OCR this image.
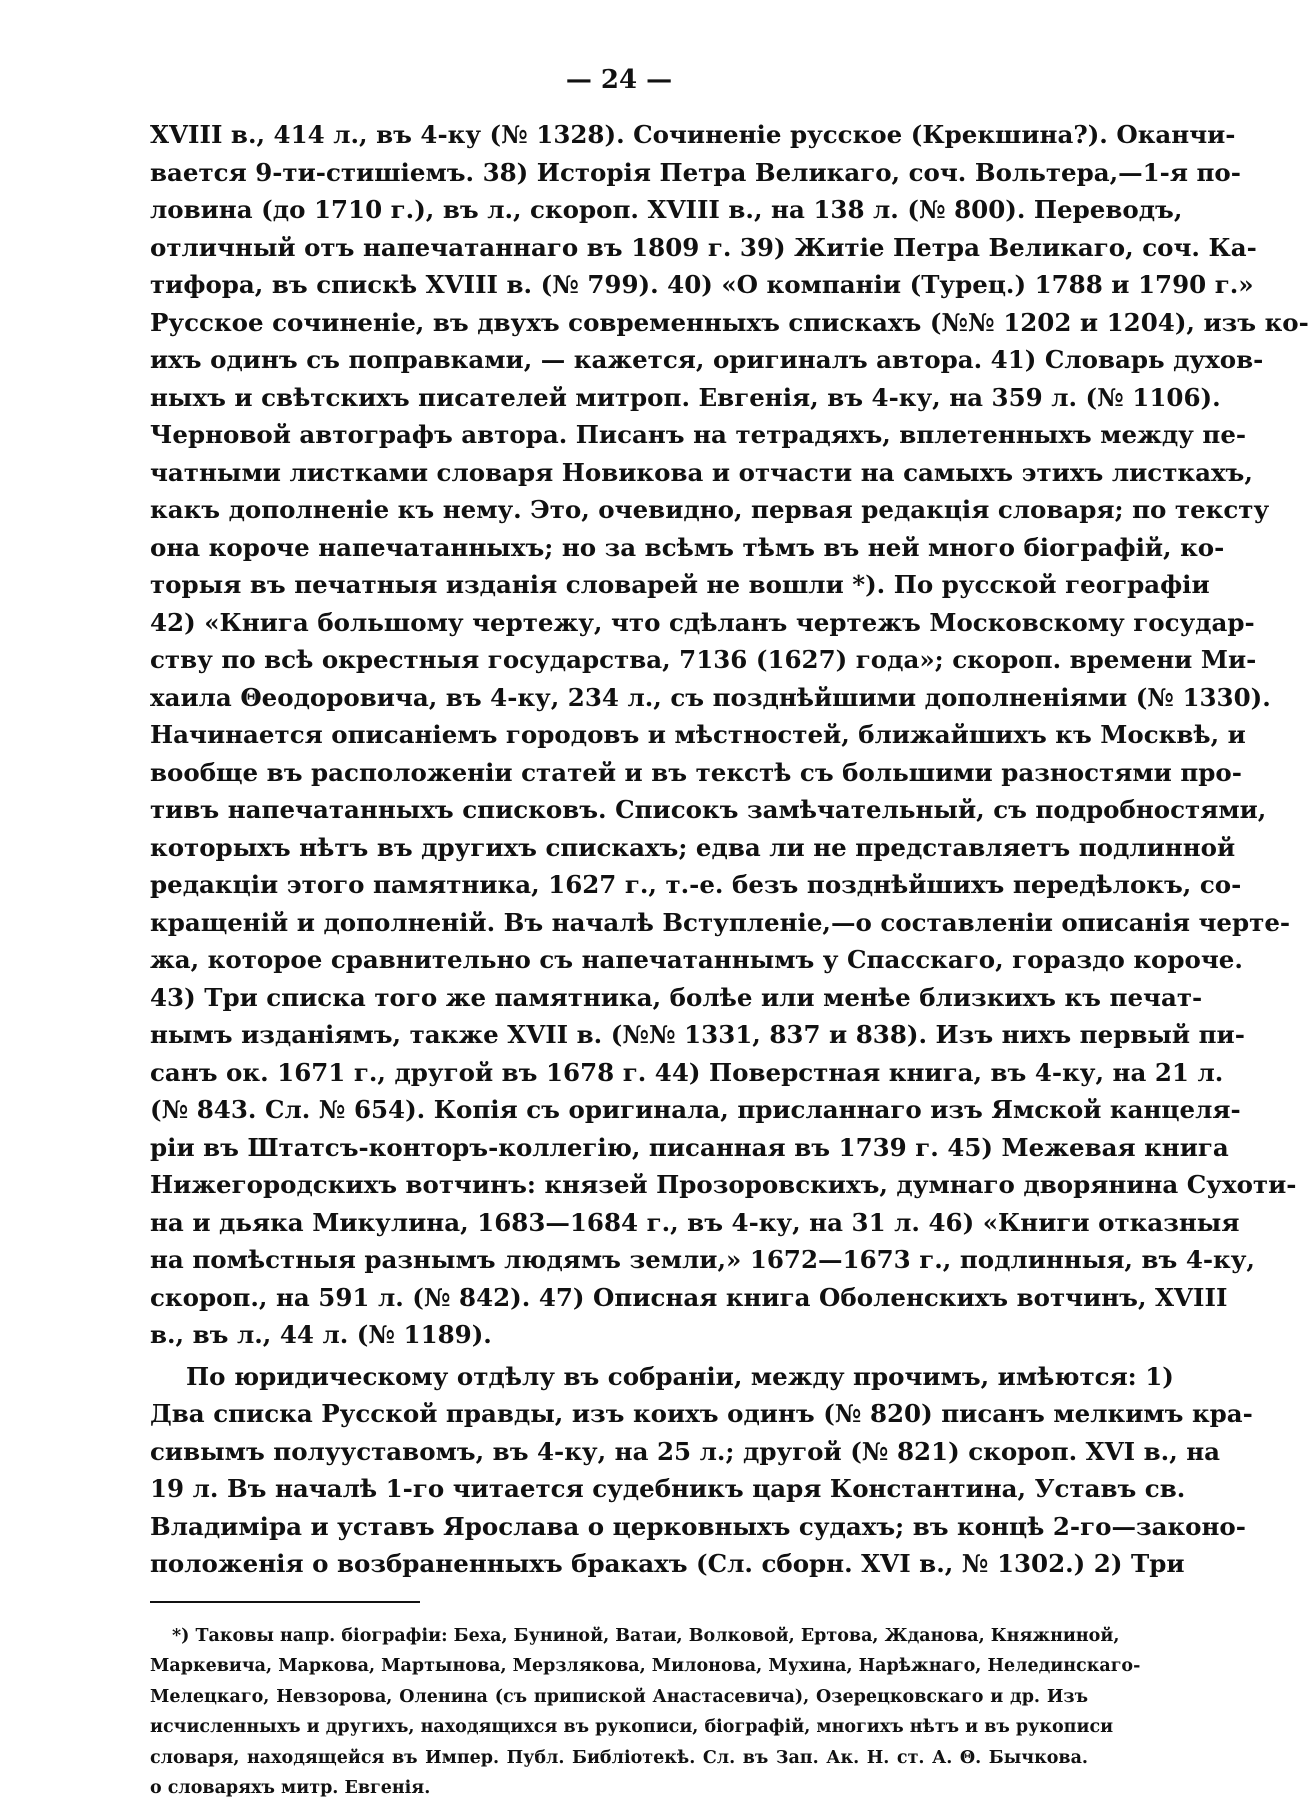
— 24 —
XVIII в., 414 л., въ 4-ку (№ 1328). Сочиненіе русское (Крекшина?). Оканчи-
вается 9-ти-стишіемъ. 38) Исторія Петра Великаго, соч. Вольтера,—1-я по-
ловина (до 1710 г.), въ л., скороп. XVIII в., на 138 л. (№ 800). Переводъ,
отличный отъ напечатаннаго въ 1809 г. 39) Житіе Петра Великаго, соч. Ка-
тифора, въ спискѣ XVIII в. (№ 799). 40) «О компаніи (Турец.) 1788 и 1790 г.»
Русское сочиненіе, въ двухъ современныхъ спискахъ (№№ 1202 и 1204), изъ ко-
ихъ одинъ съ поправками, — кажется, оригиналъ автора. 41) Словарь духов-
ныхъ и свѣтскихъ писателей митроп. Евгенія, въ 4-ку, на 359 л. (№ 1106).
Черновой автографъ автора. Писанъ на тетрадяхъ, вплетенныхъ между пе-
чатными листками словаря Новикова и отчасти на самыхъ этихъ листкахъ,
какъ дополненіе къ нему. Это, очевидно, первая редакція словаря; по тексту
она короче напечатанныхъ; но за всѣмъ тѣмъ въ ней много біографій, ко-
торыя въ печатныя изданія словарей не вошли *). По русской географіи
42) «Книга большому чертежу, что сдѣланъ чертежъ Московскому государ-
ству по всѣ окрестныя государства, 7136 (1627) года»; скороп. времени Ми-
хаила Θеодоровича, въ 4-ку, 234 л., съ позднѣйшими дополненіями (№ 1330).
Начинается описаніемъ городовъ и мѣстностей, ближайшихъ къ Москвѣ, и
вообще въ расположеніи статей и въ текстѣ съ большими разностями про-
тивъ напечатанныхъ списковъ. Списокъ замѣчательный, съ подробностями,
которыхъ нѣтъ въ другихъ спискахъ; едва ли не представляетъ подлинной
редакціи этого памятника, 1627 г., т.-е. безъ позднѣйшихъ передѣлокъ, со-
кращеній и дополненій. Въ началѣ Вступленіе,—о составленіи описанія черте-
жа, которое сравнительно съ напечатаннымъ у Спасскаго, гораздо короче.
43) Три списка того же памятника, болѣе или менѣе близкихъ къ печат-
нымъ изданіямъ, также XVII в. (№№ 1331, 837 и 838). Изъ нихъ первый пи-
санъ ок. 1671 г., другой въ 1678 г. 44) Поверстная книга, въ 4-ку, на 21 л.
(№ 843. Сл. № 654). Копія съ оригинала, присланнаго изъ Ямской канцеля-
ріи въ Штатсъ-конторъ-коллегію, писанная въ 1739 г. 45) Межевая книга
Нижегородскихъ вотчинъ: князей Прозоровскихъ, думнаго дворянина Сухоти-
на и дьяка Микулина, 1683—1684 г., въ 4-ку, на 31 л. 46) «Книги отказныя
на помѣстныя разнымъ людямъ земли,» 1672—1673 г., подлинныя, въ 4-ку,
скороп., на 591 л. (№ 842). 47) Описная книга Оболенскихъ вотчинъ, XVIII
в., въ л., 44 л. (№ 1189).
По юридическому отдѣлу въ собраніи, между прочимъ, имѣются: 1)
Два списка Русской правды, изъ коихъ одинъ (№ 820) писанъ мелкимъ кра-
сивымъ полууставомъ, въ 4-ку, на 25 л.; другой (№ 821) скороп. XVI в., на
19 л. Въ началѣ 1-го читается судебникъ царя Константина, Уставъ св.
Владиміра и уставъ Ярослава о церковныхъ судахъ; въ концѣ 2-го—законо-
положенія о возбраненныхъ бракахъ (Сл. сборн. XVI в., № 1302.) 2) Три
*) Таковы напр. біографіи: Беха, Буниной, Ватаи, Волковой, Ертова, Жданова, Княжниной,
Маркевича, Маркова, Мартынова, Мерзлякова, Милонова, Мухина, Нарѣжнаго, Нелединскаго-
Мелецкаго, Невзорова, Оленина (съ припиской Анастасевича), Озерецковскаго и др. Изъ
исчисленныхъ и другихъ, находящихся въ рукописи, біографій, многихъ нѣтъ и въ рукописи
словаря, находящейся въ Импер. Публ. Библіотекѣ. Сл. въ Зап. Ак. Н. ст. А. Θ. Бычкова.
о словаряхъ митр. Евгенія.
